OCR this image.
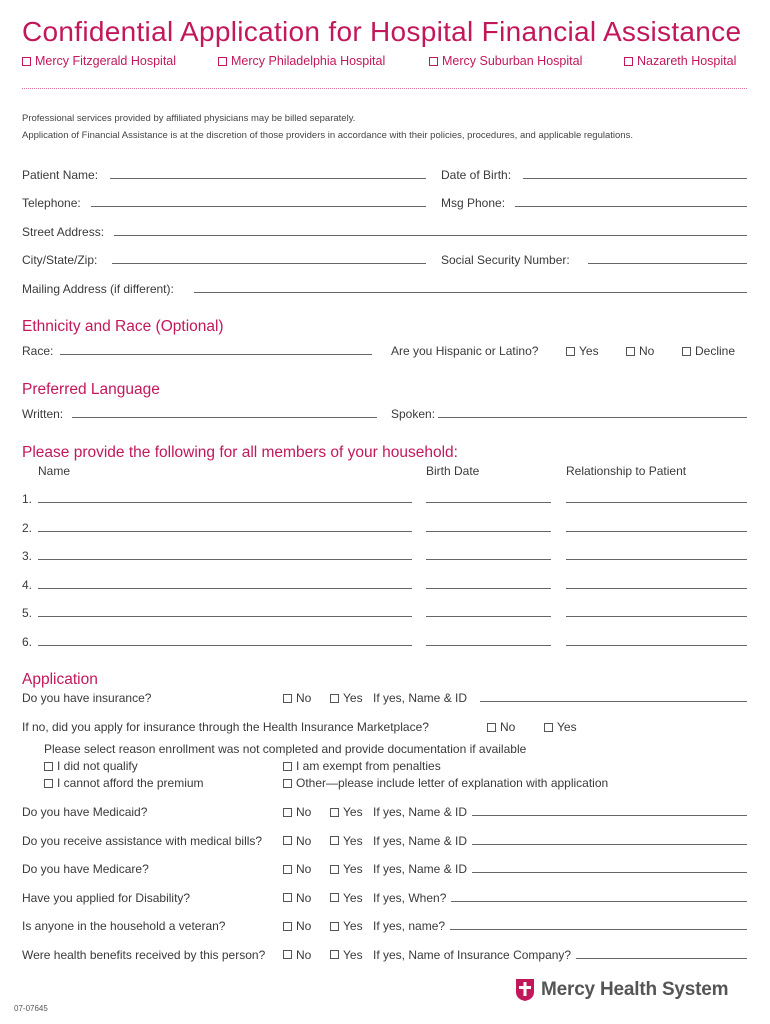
Confidential Application for Hospital Financial Assistance
Mercy Fitzgerald Hospital	Mercy Philadelphia Hospital	Mercy Suburban Hospital	Nazareth Hospital
Professional services provided by affiliated physicians may be billed separately.
Application of Financial Assistance is at the discretion of those providers in accordance with their policies, procedures, and applicable regulations.
Patient Name:	Date of Birth:
Telephone:	Msg Phone:
Street Address:
City/State/Zip:	Social Security Number:
Mailing Address (if different):
Ethnicity and Race (Optional)
Race:	Are you Hispanic or Latino?	Yes	No	Decline
Preferred Language
Written:	Spoken:
Please provide the following for all members of your household:
Name	Birth Date	Relationship to Patient
1.
2.
3.
4.
5.
6.
Application
Do you have insurance?	No	Yes If yes, Name & ID
If no, did you apply for insurance through the Health Insurance Marketplace?	No	Yes
Please select reason enrollment was not completed and provide documentation if available
I did not qualify	I am exempt from penalties
I cannot afford the premium	Other—please include letter of explanation with application
Do you have Medicaid?	No	Yes If yes, Name & ID
Do you receive assistance with medical bills?	No	Yes If yes, Name & ID
Do you have Medicare?	No	Yes If yes, Name & ID
Have you applied for Disability?	No	Yes If yes, When?
Is anyone in the household a veteran?	No	Yes If yes, name?
Were health benefits received by this person?	No	Yes If yes, Name of Insurance Company?
07-07645
Mercy Health System
